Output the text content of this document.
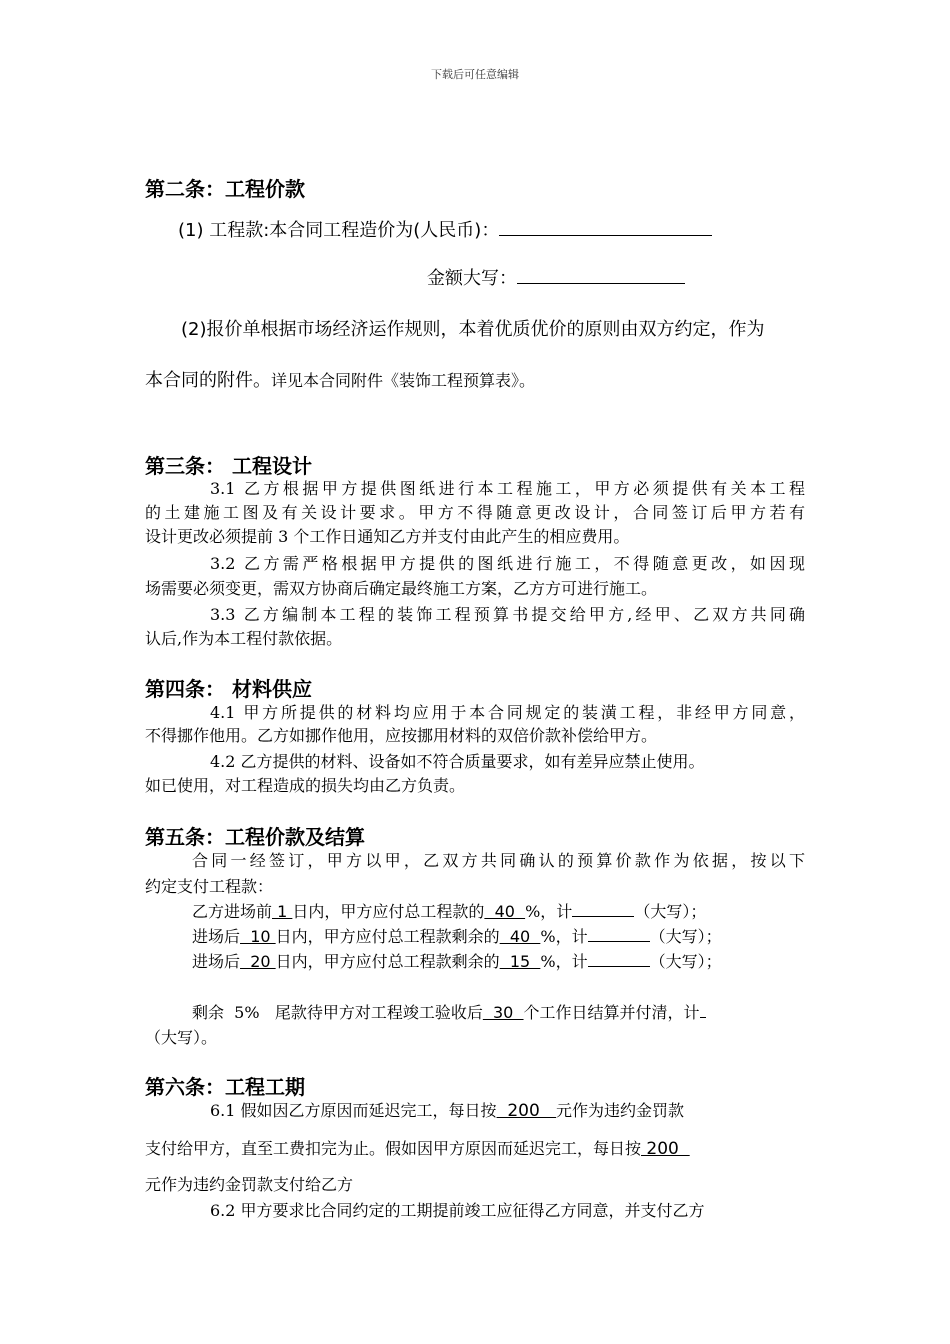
下载后可任意编辑
第二条：工程价款
(1) 工程款:本合同工程造价为(人民币)：
金额大写：
(2)报价单根据市场经济运作规则，本着优质优价的原则由双方约定，作为
本合同的附件。详见本合同附件《装饰工程预算表》。
第三条： 工程设计
3.1 乙方根据甲方提供图纸进行本工程施工，甲方必须提供有关本工程
的土建施工图及有关设计要求。甲方不得随意更改设计，合同签订后甲方若有
设计更改必须提前 3 个工作日通知乙方并支付由此产生的相应费用。
3.2 乙方需严格根据甲方提供的图纸进行施工，不得随意更改，如因现
场需要必须变更，需双方协商后确定最终施工方案，乙方方可进行施工。
3.3 乙方编制本工程的装饰工程预算书提交给甲方,经甲、乙双方共同确
认后,作为本工程付款依据。
第四条： 材料供应
4.1 甲方所提供的材料均应用于本合同规定的装潢工程，非经甲方同意，
不得挪作他用。乙方如挪作他用，应按挪用材料的双倍价款补偿给甲方。
4.2 乙方提供的材料、设备如不符合质量要求，如有差异应禁止使用。
如已使用，对工程造成的损失均由乙方负责。
第五条：工程价款及结算
合同一经签订，甲方以甲，乙双方共同确认的预算价款作为依据，按以下
约定支付工程款：
乙方进场前 1 日内，甲方应付总工程款的  40  %，计	（大写）；
进场后  10 日内，甲方应付总工程款剩余的  40  %，计	（大写）；
进场后  20 日内，甲方应付总工程款剩余的  15  %，计	（大写）；
剩余  5%   尾款待甲方对工程竣工验收后  30  个工作日结算并付清，计
（大写）。
第六条：工程工期
6.1 假如因乙方原因而延迟完工，每日按  200   元作为违约金罚款
支付给甲方，直至工费扣完为止。假如因甲方原因而延迟完工，每日按 200
元作为违约金罚款支付给乙方
6.2 甲方要求比合同约定的工期提前竣工应征得乙方同意，并支付乙方
